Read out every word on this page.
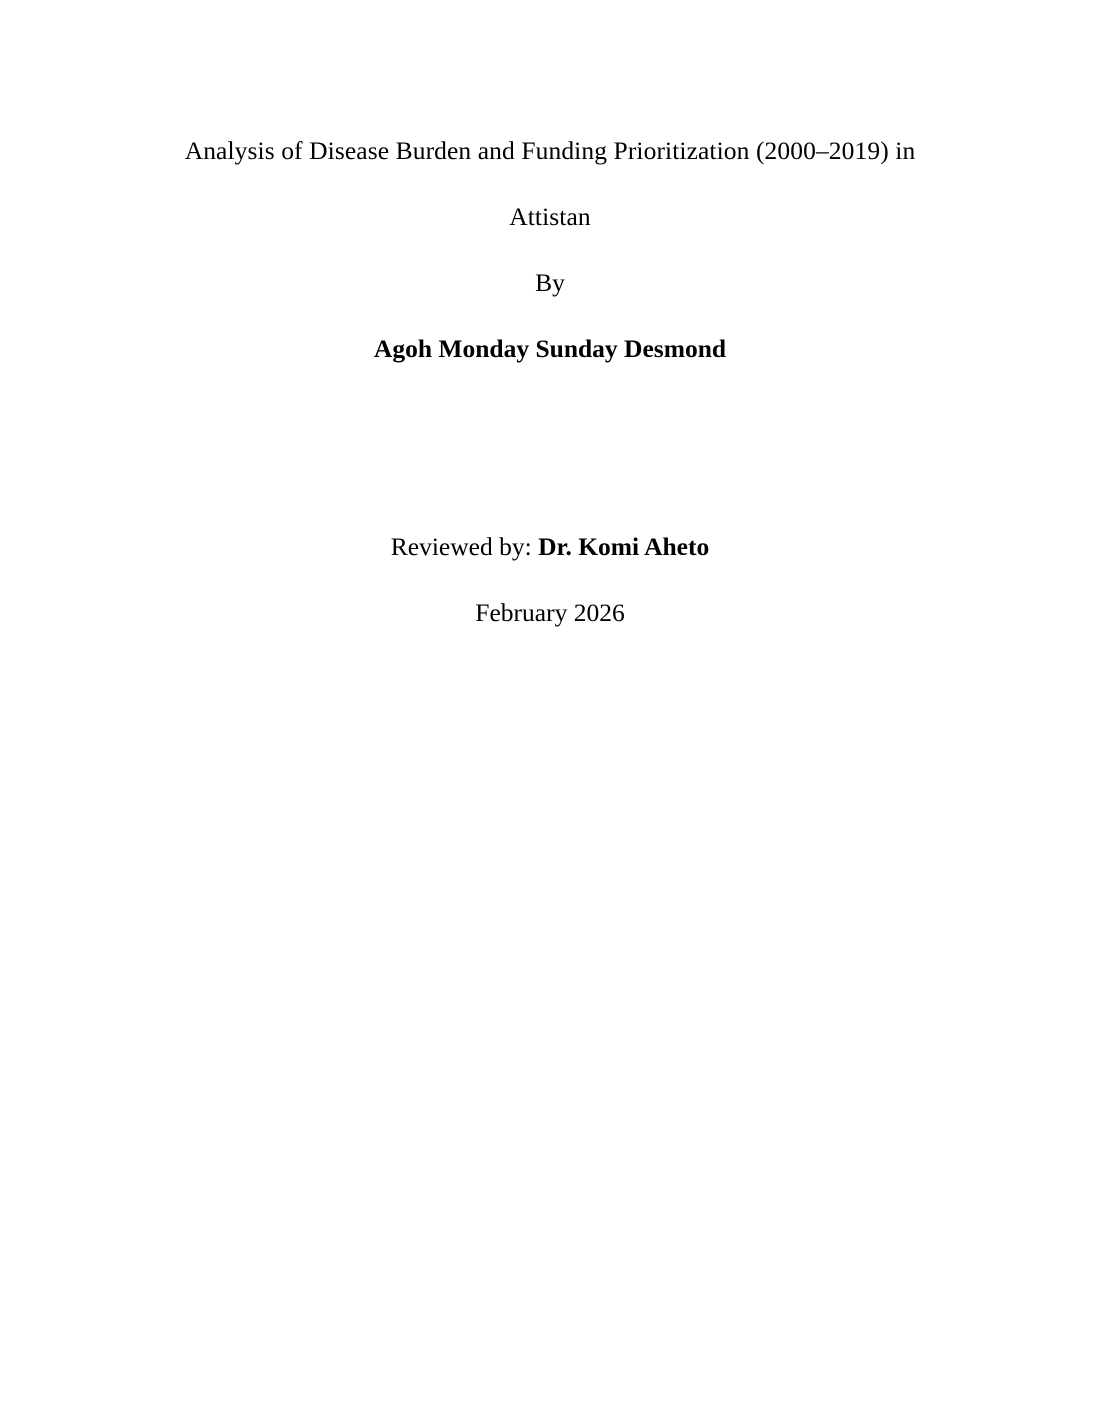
Analysis of Disease Burden and Funding Prioritization (2000–2019) in

Attistan

By

Agoh Monday Sunday Desmond

Reviewed by: Dr. Komi Aheto

February 2026
